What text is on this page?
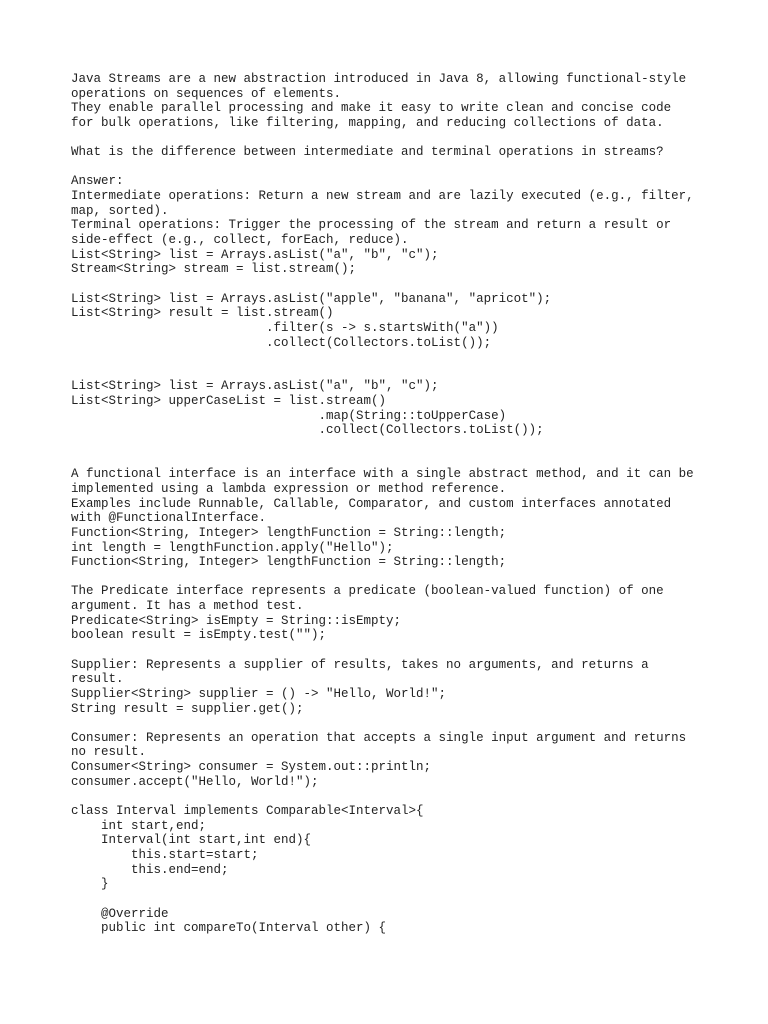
Java Streams are a new abstraction introduced in Java 8, allowing functional-style
operations on sequences of elements.
They enable parallel processing and make it easy to write clean and concise code
for bulk operations, like filtering, mapping, and reducing collections of data.
What is the difference between intermediate and terminal operations in streams?
Answer:
Intermediate operations: Return a new stream and are lazily executed (e.g., filter,
map, sorted).
Terminal operations: Trigger the processing of the stream and return a result or
side-effect (e.g., collect, forEach, reduce).
List<String> list = Arrays.asList("a", "b", "c");
Stream<String> stream = list.stream();
List<String> list = Arrays.asList("apple", "banana", "apricot");
List<String> result = list.stream()
.filter(s -> s.startsWith("a"))
.collect(Collectors.toList());
List<String> list = Arrays.asList("a", "b", "c");
List<String> upperCaseList = list.stream()
.map(String::toUpperCase)
.collect(Collectors.toList());
A functional interface is an interface with a single abstract method, and it can be
implemented using a lambda expression or method reference.
Examples include Runnable, Callable, Comparator, and custom interfaces annotated
with @FunctionalInterface.
Function<String, Integer> lengthFunction = String::length;
int length = lengthFunction.apply("Hello");
Function<String, Integer> lengthFunction = String::length;
The Predicate interface represents a predicate (boolean-valued function) of one
argument. It has a method test.
Predicate<String> isEmpty = String::isEmpty;
boolean result = isEmpty.test("");
Supplier: Represents a supplier of results, takes no arguments, and returns a
result.
Supplier<String> supplier = () -> "Hello, World!";
String result = supplier.get();
Consumer: Represents an operation that accepts a single input argument and returns
no result.
Consumer<String> consumer = System.out::println;
consumer.accept("Hello, World!");
class Interval implements Comparable<Interval>{
int start,end;
Interval(int start,int end){
this.start=start;
this.end=end;
}
@Override
public int compareTo(Interval other) {
